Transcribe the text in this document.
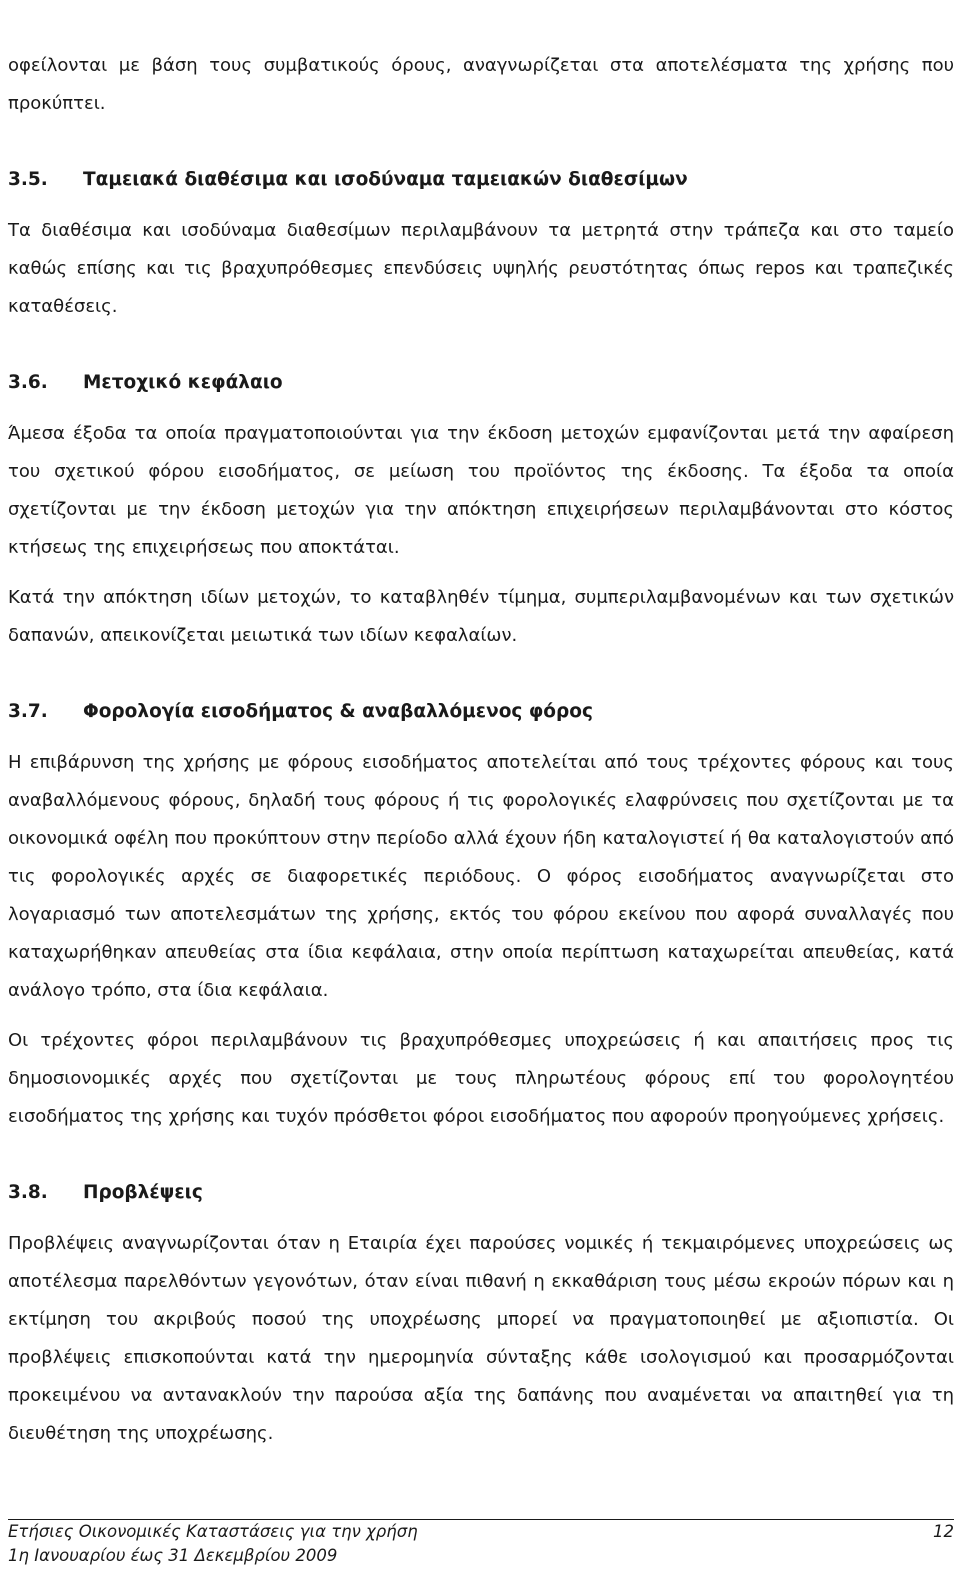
οφείλονται με βάση τους συμβατικούς όρους, αναγνωρίζεται στα αποτελέσματα της χρήσης που προκύπτει.

3.5.	Ταμειακά διαθέσιμα και ισοδύναμα ταμειακών διαθεσίμων

Τα διαθέσιμα και ισοδύναμα διαθεσίμων περιλαμβάνουν τα μετρητά στην τράπεζα και στο ταμείο καθώς επίσης και τις βραχυπρόθεσμες επενδύσεις υψηλής ρευστότητας όπως repos και τραπεζικές καταθέσεις.

3.6.	Μετοχικό κεφάλαιο

Άμεσα έξοδα τα οποία πραγματοποιούνται για την έκδοση μετοχών εμφανίζονται μετά την αφαίρεση του σχετικού φόρου εισοδήματος, σε μείωση του προϊόντος της έκδοσης. Τα έξοδα τα οποία σχετίζονται με την έκδοση μετοχών για την απόκτηση επιχειρήσεων περιλαμβάνονται στο κόστος κτήσεως της επιχειρήσεως που αποκτάται.

Κατά την απόκτηση ιδίων μετοχών, το καταβληθέν τίμημα, συμπεριλαμβανομένων και των σχετικών δαπανών, απεικονίζεται μειωτικά των ιδίων κεφαλαίων.

3.7.	Φορολογία εισοδήματος & αναβαλλόμενος φόρος

Η επιβάρυνση της χρήσης με φόρους εισοδήματος αποτελείται από τους τρέχοντες φόρους και τους αναβαλλόμενους φόρους, δηλαδή τους φόρους ή τις φορολογικές ελαφρύνσεις που σχετίζονται με τα οικονομικά οφέλη που προκύπτουν στην περίοδο αλλά έχουν ήδη καταλογιστεί ή θα καταλογιστούν από τις φορολογικές αρχές σε διαφορετικές περιόδους. Ο φόρος εισοδήματος αναγνωρίζεται στο λογαριασμό των αποτελεσμάτων της χρήσης, εκτός του φόρου εκείνου που αφορά συναλλαγές που καταχωρήθηκαν απευθείας στα ίδια κεφάλαια, στην οποία περίπτωση καταχωρείται απευθείας, κατά ανάλογο τρόπο, στα ίδια κεφάλαια.

Οι τρέχοντες φόροι περιλαμβάνουν τις βραχυπρόθεσμες υποχρεώσεις ή και απαιτήσεις προς τις δημοσιονομικές αρχές που σχετίζονται με τους πληρωτέους φόρους επί του φορολογητέου εισοδήματος της χρήσης και τυχόν πρόσθετοι φόροι εισοδήματος που αφορούν προηγούμενες χρήσεις.

3.8.	Προβλέψεις

Προβλέψεις αναγνωρίζονται όταν η Εταιρία έχει παρούσες νομικές ή τεκμαιρόμενες υποχρεώσεις ως αποτέλεσμα παρελθόντων γεγονότων, όταν είναι πιθανή η εκκαθάριση τους μέσω εκροών πόρων και η εκτίμηση του ακριβούς ποσού της υποχρέωσης μπορεί να πραγματοποιηθεί με αξιοπιστία. Οι προβλέψεις επισκοπούνται κατά την ημερομηνία σύνταξης κάθε ισολογισμού και προσαρμόζονται προκειμένου να αντανακλούν την παρούσα αξία της δαπάνης που αναμένεται να απαιτηθεί για τη διευθέτηση της υποχρέωσης.

Ετήσιες Οικονομικές Καταστάσεις για την χρήση	12
1η Ιανουαρίου έως 31 Δεκεμβρίου 2009
